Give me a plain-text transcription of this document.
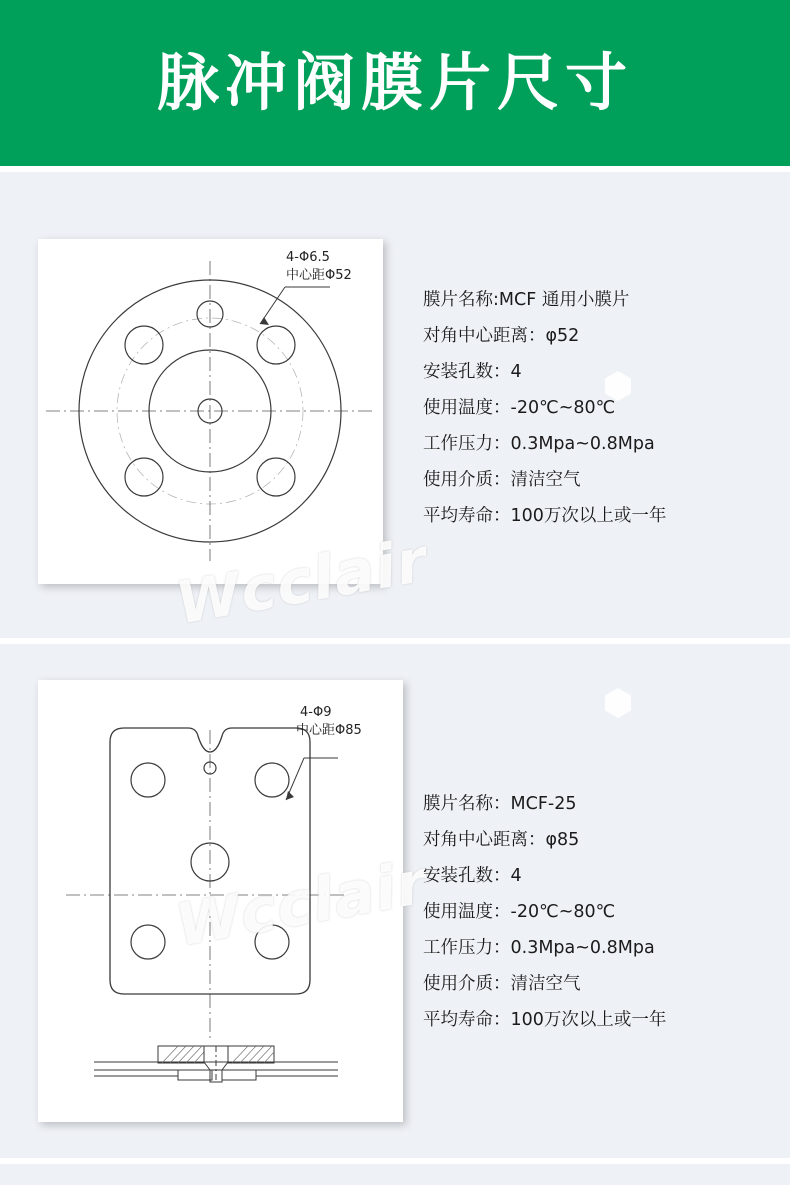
脉冲阀膜片尺寸
4-Φ6.5
中心距Φ52
Wcclair
膜片名称:MCF 通用小膜片
对角中心距离：φ52
安装孔数：4
使用温度：-20℃~80℃
工作压力：0.3Mpa~0.8Mpa
使用介质：清洁空气
平均寿命：100万次以上或一年
4-Φ9
中心距Φ85
Wcclair
膜片名称：MCF-25
对角中心距离：φ85
安装孔数：4
使用温度：-20℃~80℃
工作压力：0.3Mpa~0.8Mpa
使用介质：清洁空气
平均寿命：100万次以上或一年
